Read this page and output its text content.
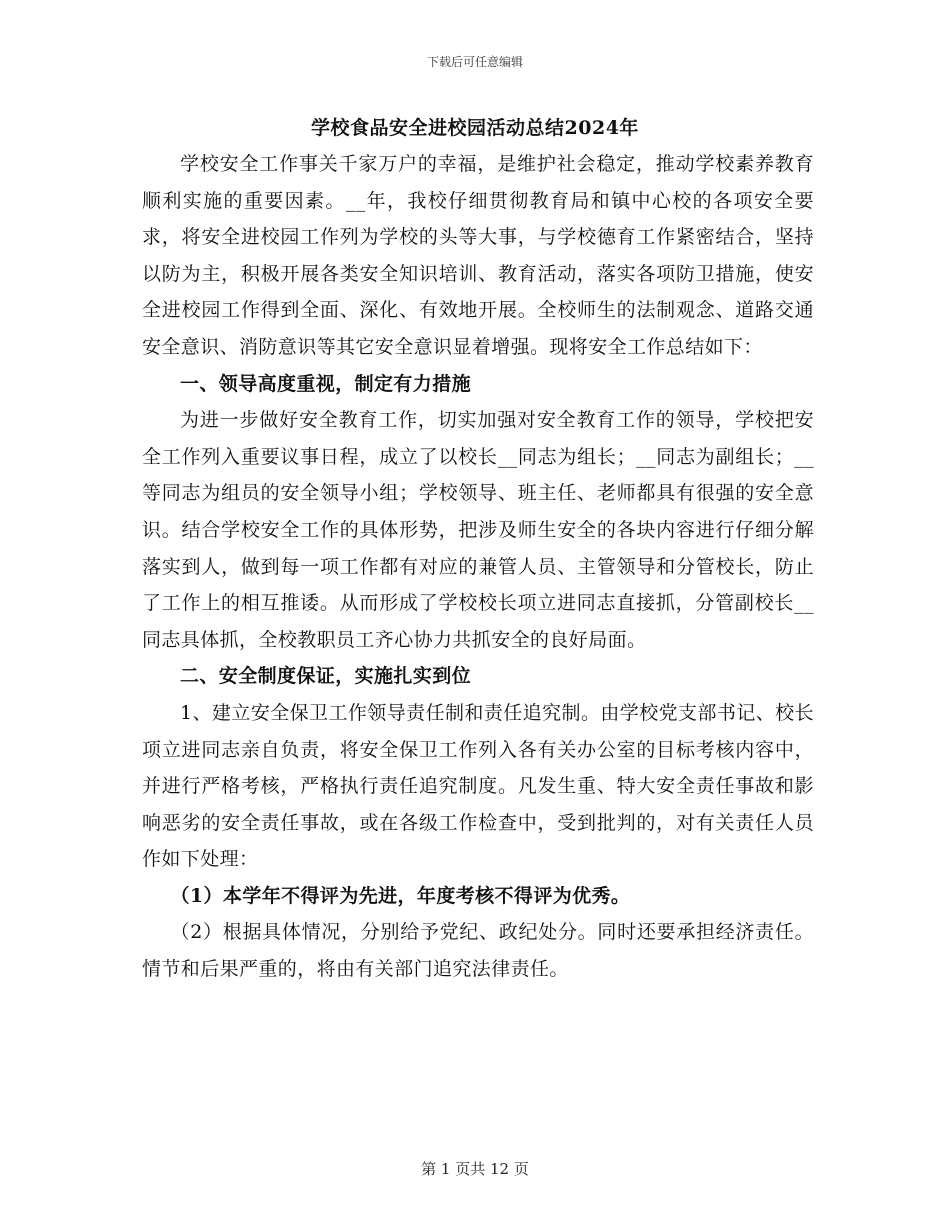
下载后可任意编辑
学校食品安全进校园活动总结2024年

学校安全工作事关千家万户的幸福，是维护社会稳定，推动学校素养教育顺利实施的重要因素。__年，我校仔细贯彻教育局和镇中心校的各项安全要求，将安全进校园工作列为学校的头等大事，与学校德育工作紧密结合，坚持以防为主，积极开展各类安全知识培训、教育活动，落实各项防卫措施，使安全进校园工作得到全面、深化、有效地开展。全校师生的法制观念、道路交通安全意识、消防意识等其它安全意识显着增强。现将安全工作总结如下：

一、领导高度重视，制定有力措施

为进一步做好安全教育工作，切实加强对安全教育工作的领导，学校把安全工作列入重要议事日程，成立了以校长__同志为组长；__同志为副组长；__等同志为组员的安全领导小组；学校领导、班主任、老师都具有很强的安全意识。结合学校安全工作的具体形势，把涉及师生安全的各块内容进行仔细分解落实到人，做到每一项工作都有对应的兼管人员、主管领导和分管校长，防止了工作上的相互推诿。从而形成了学校校长项立进同志直接抓，分管副校长__同志具体抓，全校教职员工齐心协力共抓安全的良好局面。

二、安全制度保证，实施扎实到位

1、建立安全保卫工作领导责任制和责任追究制。由学校党支部书记、校长项立进同志亲自负责，将安全保卫工作列入各有关办公室的目标考核内容中，并进行严格考核，严格执行责任追究制度。凡发生重、特大安全责任事故和影响恶劣的安全责任事故，或在各级工作检查中，受到批判的，对有关责任人员作如下处理：

（1）本学年不得评为先进，年度考核不得评为优秀。

（2）根据具体情况，分别给予党纪、政纪处分。同时还要承担经济责任。情节和后果严重的，将由有关部门追究法律责任。

第 1 页共 12 页
